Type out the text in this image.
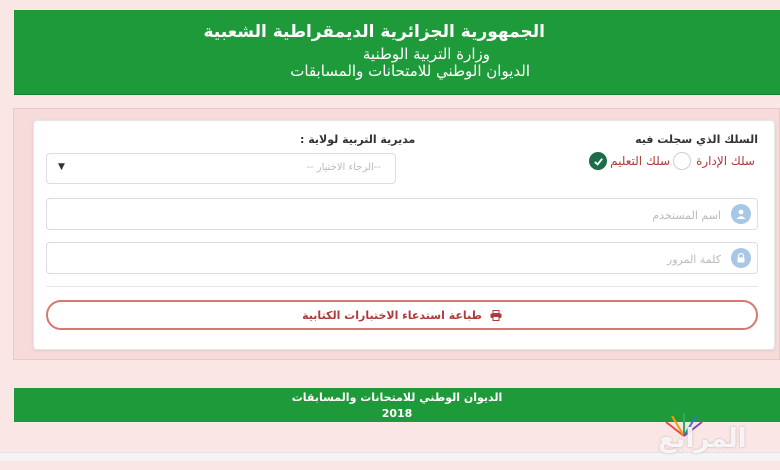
الجمهورية الجزائرية الديمقراطية الشعبية
وزارة التربية الوطنية
الديوان الوطني للامتحانات والمسابقات
السلك الذي سجلت فيه
مديرية التربية لولاية :
سلك التعليم سلك الإدارة
--الرجاء الاختيار --
▼
اسم المستخدم
طباعة استدعاء الاختبارات الكتابية
الديوان الوطني للامتحانات والمسابقات
2018
المرابع
